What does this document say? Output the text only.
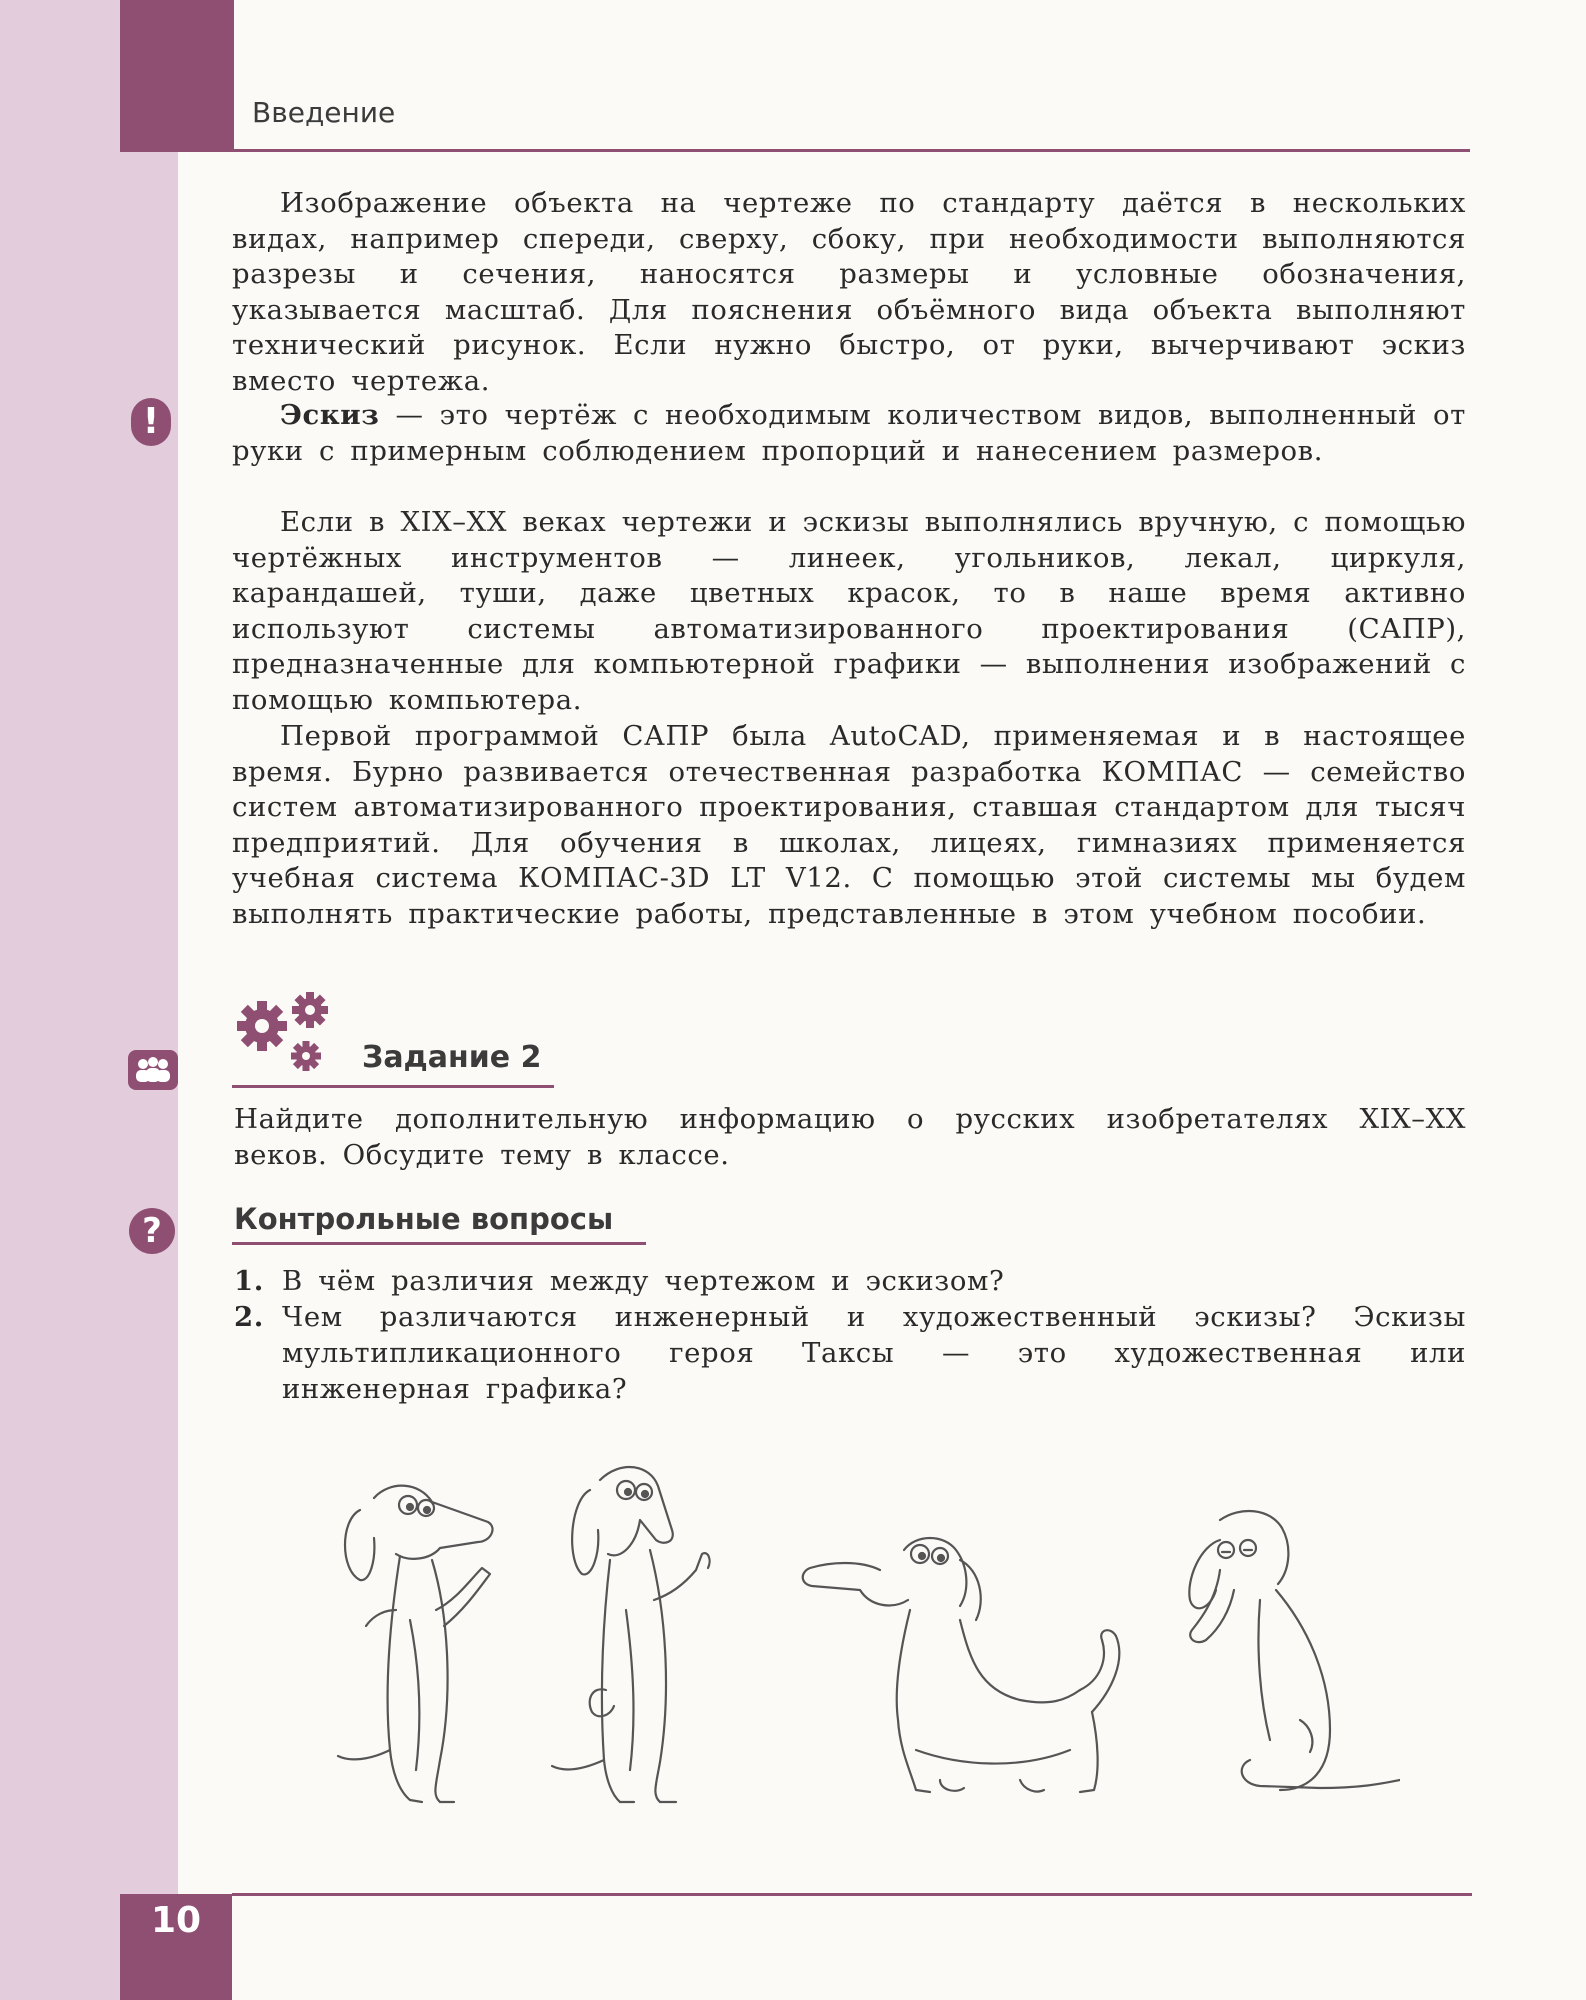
Введение

Изображение объекта на чертеже по стандарту даётся в нескольких видах, например спереди, сверху, сбоку, при необходимости выполняются разрезы и сечения, наносятся размеры и условные обозначения, указывается масштаб. Для пояснения объёмного вида объекта выполняют технический рисунок. Если нужно быстро, от руки, вычерчивают эскиз вместо чертежа.

!	Эскиз — это чертёж с необходимым количеством видов, выполненный от руки с примерным соблюдением пропорций и нанесением размеров.

Если в XIX–XX веках чертежи и эскизы выполнялись вручную, с помощью чертёжных инструментов — линеек, угольников, лекал, циркуля, карандашей, туши, даже цветных красок, то в наше время активно используют системы автоматизированного проектирования (САПР), предназначенные для компьютерной графики — выполнения изображений с помощью компьютера.

Первой программой САПР была AutoCAD, применяемая и в настоящее время. Бурно развивается отечественная разработка КОМПАС — семейство систем автоматизированного проектирования, ставшая стандартом для тысяч предприятий. Для обучения в школах, лицеях, гимназиях применяется учебная система КОМПАС-3D LT V12. С помощью этой системы мы будем выполнять практические работы, представленные в этом учебном пособии.

Задание 2
Найдите дополнительную информацию о русских изобретателях XIX–XX веков. Обсудите тему в классе.
?	Контрольные вопросы
1. В чём различия между чертежом и эскизом?
2. Чем различаются инженерный и художественный эскизы? Эскизы мультипликационного героя Таксы — это художественная или инженерная графика?
10
